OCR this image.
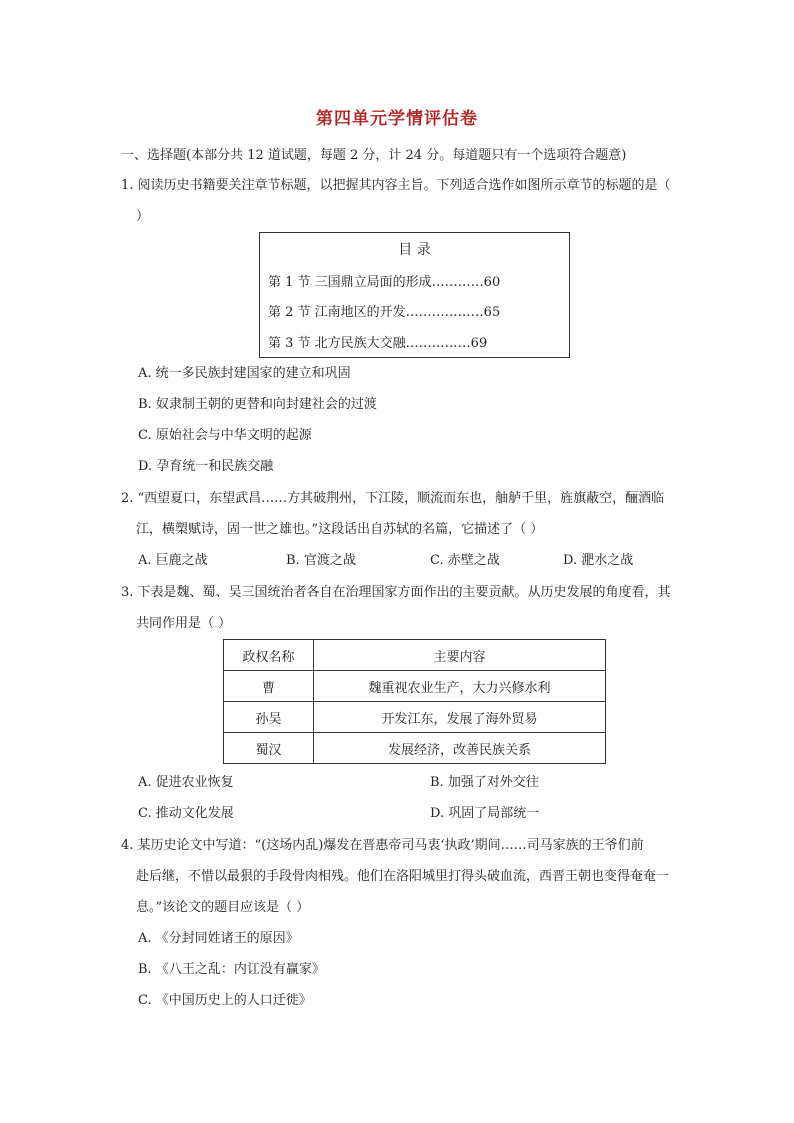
第四单元学情评估卷
一、选择题(本部分共 12 道试题，每题 2 分，计 24 分。每道题只有一个选项符合题意)
1. 阅读历史书籍要关注章节标题，以把握其内容主旨。下列适合选作如图所示章节的标题的是（
）
目 录
第 1 节 三国鼎立局面的形成…………60
第 2 节 江南地区的开发………………65
第 3 节 北方民族大交融……………69
A. 统一多民族封建国家的建立和巩固
B. 奴隶制王朝的更替和向封建社会的过渡
C. 原始社会与中华文明的起源
D. 孕育统一和民族交融
2. “西望夏口，东望武昌……方其破荆州，下江陵，顺流而东也，舳舻千里，旌旗蔽空，酾酒临
江，横槊赋诗，固一世之雄也。”这段话出自苏轼的名篇，它描述了（ ）
A. 巨鹿之战	B. 官渡之战	C. 赤壁之战	D. 淝水之战
3. 下表是魏、蜀、吴三国统治者各自在治理国家方面作出的主要贡献。从历史发展的角度看，其
共同作用是（ ）
政权名称	主要内容
曹	魏重视农业生产，大力兴修水利
孙吴	开发江东，发展了海外贸易
蜀汉	发展经济，改善民族关系
A. 促进农业恢复	B. 加强了对外交往
C. 推动文化发展	D. 巩固了局部统一
4. 某历史论文中写道：“(这场内乱)爆发在晋惠帝司马衷‘执政’期间……司马家族的王爷们前
赴后继，不惜以最狠的手段骨肉相残。他们在洛阳城里打得头破血流，西晋王朝也变得奄奄一
息。”该论文的题目应该是（ ）
A. 《分封同姓诸王的原因》
B. 《八王之乱：内讧没有赢家》
C. 《中国历史上的人口迁徙》
